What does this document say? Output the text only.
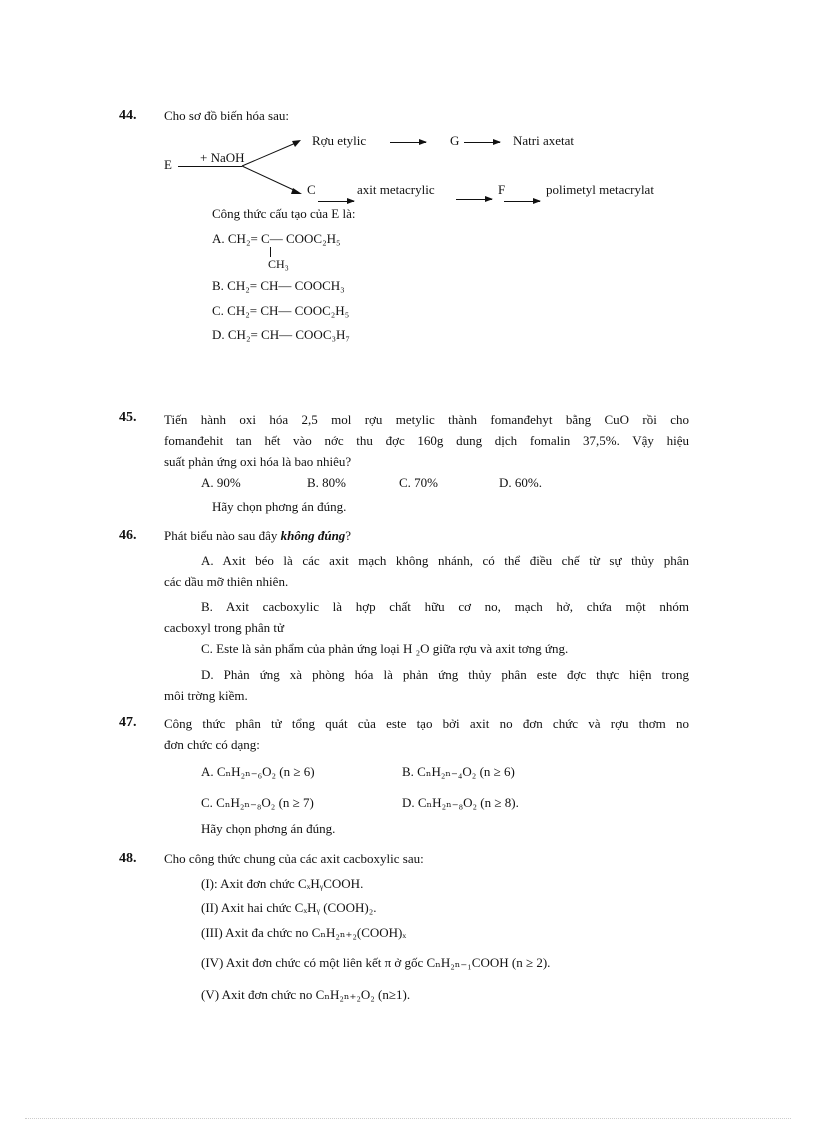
44. Cho sơ đồ biến hóa sau:
E + NaOH
Rợu etylic	G	Natri axetat
C	axit metacrylic	F	polimetyl metacrylat
Công thức cấu tạo của E là:
A. CH₂= C— COOC₂H₅
CH₃
B. CH₂= CH— COOCH₃
C. CH₂= CH— COOC₂H₅
D. CH₂= CH— COOC₃H₇
45. Tiến hành oxi hóa 2,5 mol rợu metylic thành fomanđehyt bằng CuO rồi cho
fomanđehit tan hết vào nớc thu đợc 160g dung dịch fomalin 37,5%. Vậy hiệu
suất phản ứng oxi hóa là bao nhiêu?
A. 90%	B. 80%	C. 70%	D. 60%.
Hãy chọn phơng án đúng.
46. Phát biểu nào sau đây không đúng?
A. Axit béo là các axit mạch không nhánh, có thể điều chế từ sự thủy phân
các dầu mỡ thiên nhiên.
B. Axit cacboxylic là hợp chất hữu cơ no, mạch hở, chứa một nhóm
cacboxyl trong phân tử
C. Este là sản phẩm của phản ứng loại H ₂O giữa rợu và axit tơng ứng.
D. Phản ứng xà phòng hóa là phản ứng thủy phân este đợc thực hiện trong
môi trờng kiềm.
47. Công thức phân tử tổng quát của este tạo bởi axit no đơn chức và rợu thơm no
đơn chức có dạng:
A. CₙH₂ₙ₋₆O₂ (n ≥ 6)	B. CₙH₂ₙ₋₄O₂ (n ≥ 6)
C. CₙH₂ₙ₋₈O₂ (n ≥ 7)	D. CₙH₂ₙ₋₈O₂ (n ≥ 8).
Hãy chọn phơng án đúng.
48. Cho công thức chung của các axit cacboxylic sau:
(I): Axit đơn chức CₓHᵧCOOH.
(II) Axit hai chức CₓHᵧ (COOH)₂.
(III) Axit đa chức no CₙH₂ₙ₊₂(COOH)ₓ
(IV) Axit đơn chức có một liên kết π ở gốc CₙH₂ₙ₋₁COOH (n ≥ 2).
(V) Axit đơn chức no CₙH₂ₙ₊₂O₂ (n≥1).
